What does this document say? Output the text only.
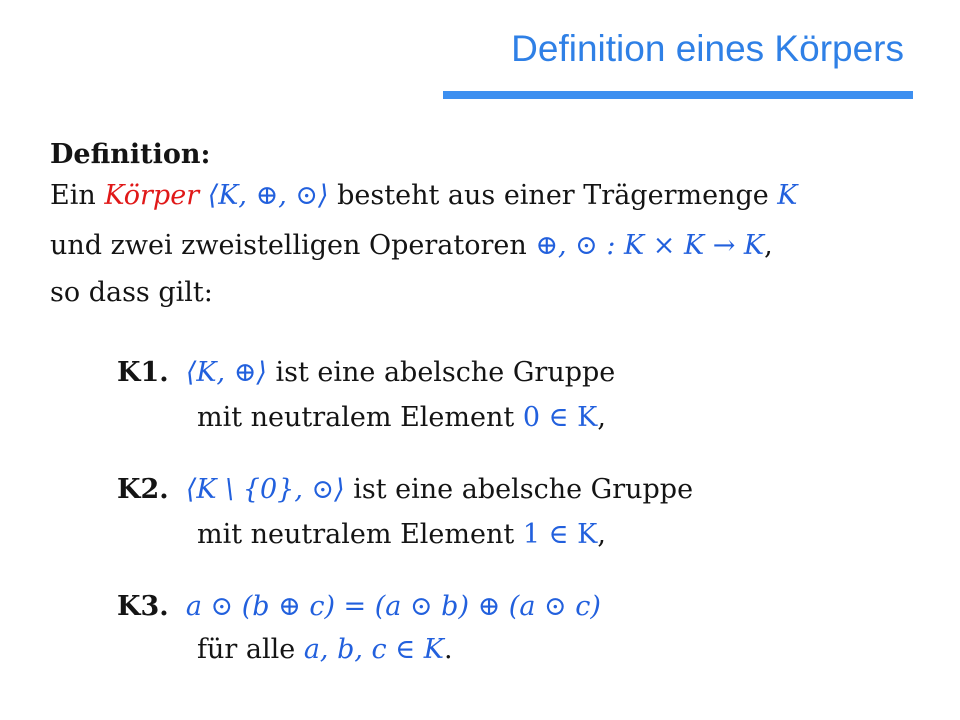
Definition eines Körpers
Definition:
Ein Körper ⟨K, ⊕, ⊙⟩ besteht aus einer Trägermenge K
und zwei zweistelligen Operatoren ⊕, ⊙ : K × K → K,
so dass gilt:
K1. ⟨K, ⊕⟩ ist eine abelsche Gruppe
mit neutralem Element 0 ∈ K,
K2. ⟨K \ {0}, ⊙⟩ ist eine abelsche Gruppe
mit neutralem Element 1 ∈ K,
K3. a ⊙ (b ⊕ c) = (a ⊙ b) ⊕ (a ⊙ c)
für alle a, b, c ∈ K.
